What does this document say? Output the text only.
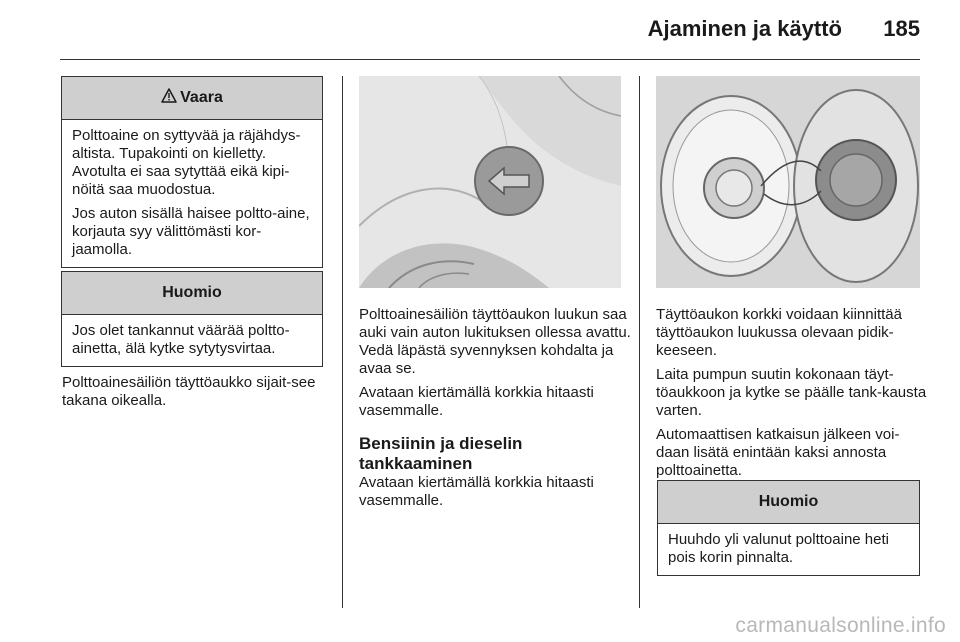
Ajaminen ja käyttö 185
Vaara

Polttoaine on syttyvää ja räjähdys-altista. Tupakointi on kielletty. Avotulta ei saa sytyttää eikä kipi-nöitä saa muodostua.

Jos auton sisällä haisee poltto-aine, korjauta syy välittömästi kor-jaamolla.

Huomio

Jos olet tankannut väärää poltto-ainetta, älä kytke sytytysvirtaa.

Polttoainesäiliön täyttöaukko sijait-see takana oikealla.

Polttoainesäiliön täyttöaukon luukun saa auki vain auton lukituksen ollessa avattu. Vedä läpästä syvennyksen kohdalta ja avaa se.

Avataan kiertämällä korkkia hitaasti vasemmalle.

Bensiinin ja dieselin
tankkaaminen

Avataan kiertämällä korkkia hitaasti vasemmalle.

Täyttöaukon korkki voidaan kiinnittää täyttöaukon luukussa olevaan pidik-keeseen.

Laita pumpun suutin kokonaan täyt-töaukkoon ja kytke se päälle tank-kausta varten.

Automaattisen katkaisun jälkeen voi-daan lisätä enintään kaksi annosta polttoainetta.

Huomio

Huuhdo yli valunut polttoaine heti pois korin pinnalta.

carmanualsonline.info
